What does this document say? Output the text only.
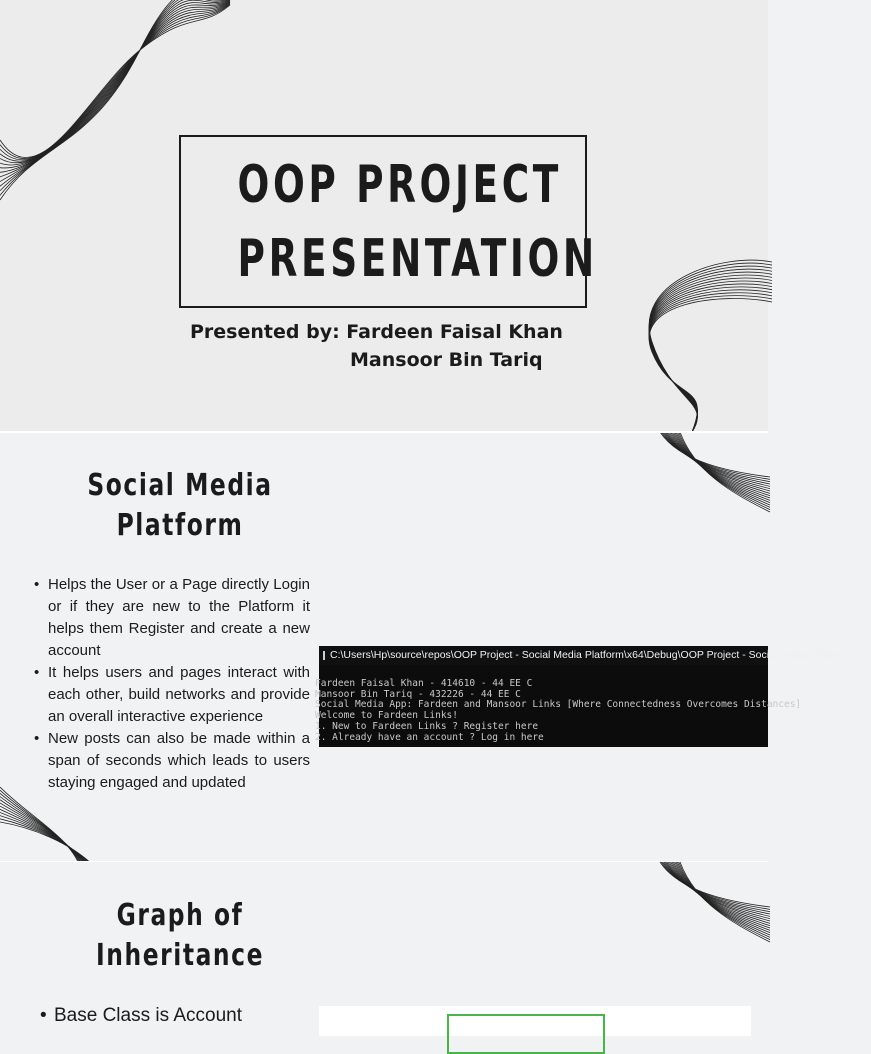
OOP PROJECT
PRESENTATION
Presented by: Fardeen Faisal Khan
Mansoor Bin Tariq
Social Media
Platform
• Helps the User or a Page directly Login or if they are new to the Platform it helps them Register and create a new account
• It helps users and pages interact with each other, build networks and provide an overall interactive experience
• New posts can also be made within a span of seconds which leads to users staying engaged and updated
C:\Users\Hp\source\repos\OOP Project - Social Media Platform\x64\Debug\OOP Project - Social Media Platform.exe

Fardeen Faisal Khan - 414610 - 44 EE C
Mansoor Bin Tariq - 432226 - 44 EE C
Social Media App: Fardeen and Mansoor Links [Where Connectedness Overcomes Distances]
Welcome to Fardeen Links!
1. New to Fardeen Links ? Register here
2. Already have an account ? Log in here

Graph of
Inheritance
• Base Class is Account
